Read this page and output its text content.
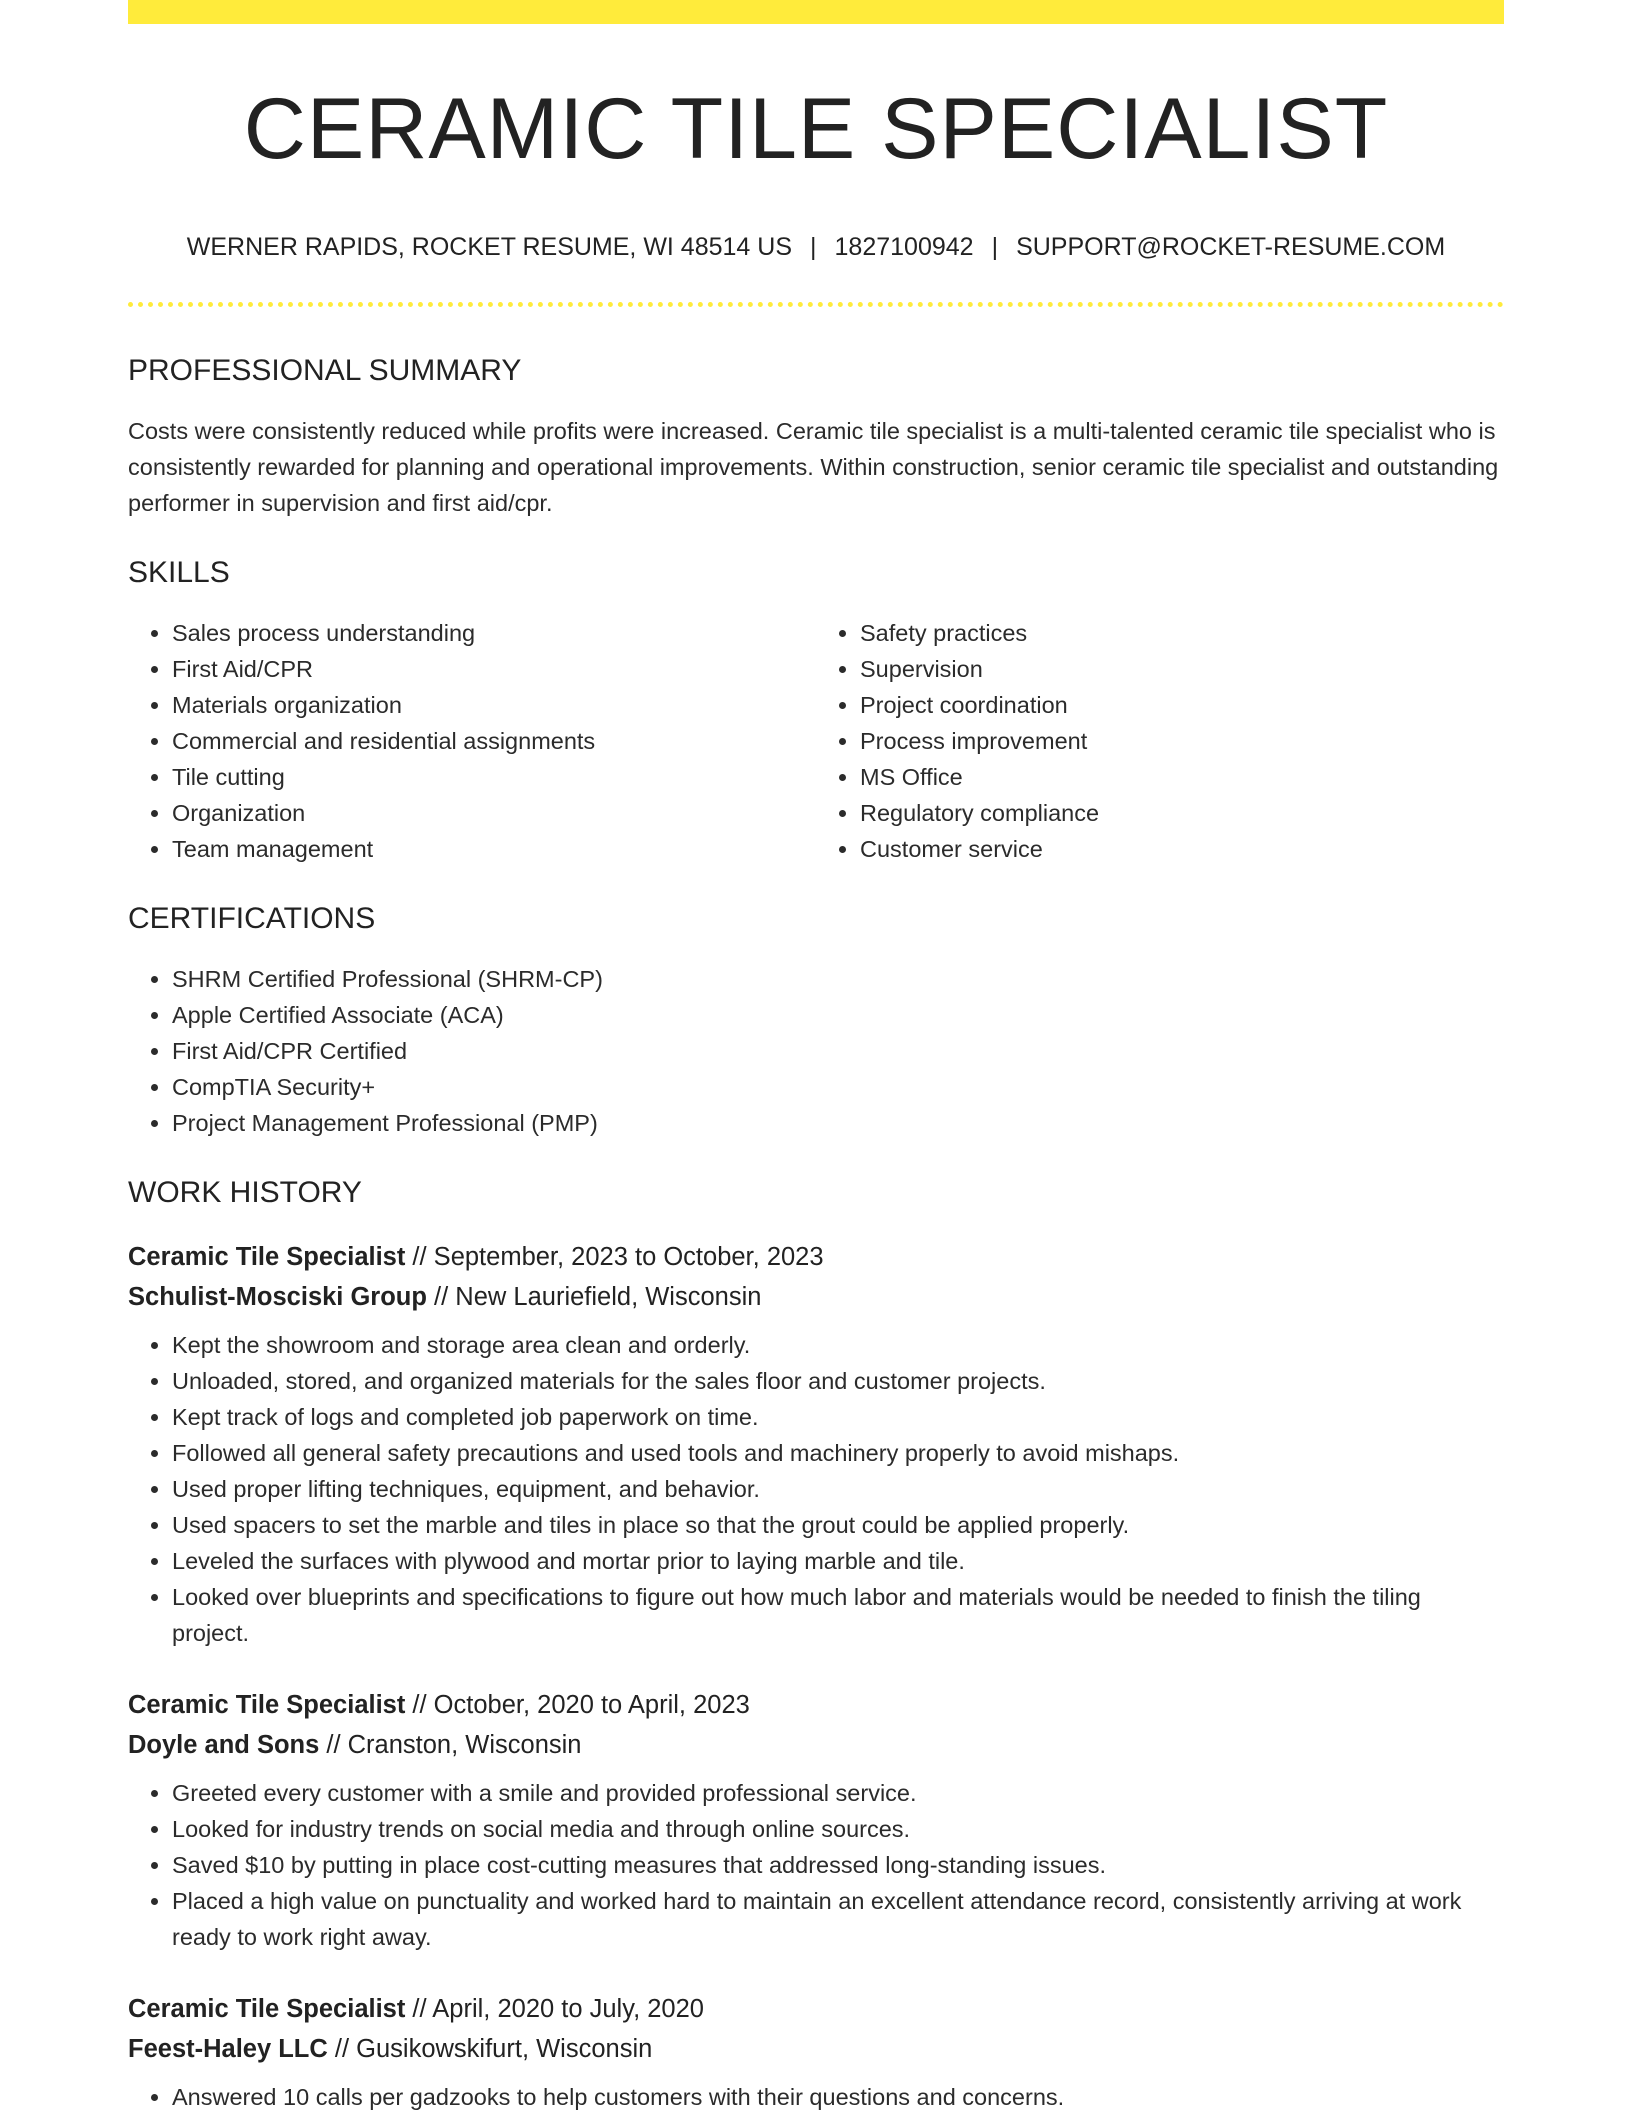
CERAMIC TILE SPECIALIST
WERNER RAPIDS, ROCKET RESUME, WI 48514 US | 1827100942 | SUPPORT@ROCKET-RESUME.COM
PROFESSIONAL SUMMARY

Costs were consistently reduced while profits were increased. Ceramic tile specialist is a multi-talented ceramic tile specialist who is consistently rewarded for planning and operational improvements. Within construction, senior ceramic tile specialist and outstanding performer in supervision and first aid/cpr.

SKILLS
• Sales process understanding
• First Aid/CPR
• Materials organization
• Commercial and residential assignments
• Tile cutting
• Organization
• Team management
• Safety practices
• Supervision
• Project coordination
• Process improvement
• MS Office
• Regulatory compliance
• Customer service
CERTIFICATIONS
• SHRM Certified Professional (SHRM-CP)
• Apple Certified Associate (ACA)
• First Aid/CPR Certified
• CompTIA Security+
• Project Management Professional (PMP)
WORK HISTORY
Ceramic Tile Specialist // September, 2023 to October, 2023
Schulist-Mosciski Group // New Lauriefield, Wisconsin
• Kept the showroom and storage area clean and orderly.
• Unloaded, stored, and organized materials for the sales floor and customer projects.
• Kept track of logs and completed job paperwork on time.
• Followed all general safety precautions and used tools and machinery properly to avoid mishaps.
• Used proper lifting techniques, equipment, and behavior.
• Used spacers to set the marble and tiles in place so that the grout could be applied properly.
• Leveled the surfaces with plywood and mortar prior to laying marble and tile.
• Looked over blueprints and specifications to figure out how much labor and materials would be needed to finish the tiling project.
Ceramic Tile Specialist // October, 2020 to April, 2023
Doyle and Sons // Cranston, Wisconsin
• Greeted every customer with a smile and provided professional service.
• Looked for industry trends on social media and through online sources.
• Saved $10 by putting in place cost-cutting measures that addressed long-standing issues.
• Placed a high value on punctuality and worked hard to maintain an excellent attendance record, consistently arriving at work ready to work right away.
Ceramic Tile Specialist // April, 2020 to July, 2020
Feest-Haley LLC // Gusikowskifurt, Wisconsin
• Answered 10 calls per gadzooks to help customers with their questions and concerns.
